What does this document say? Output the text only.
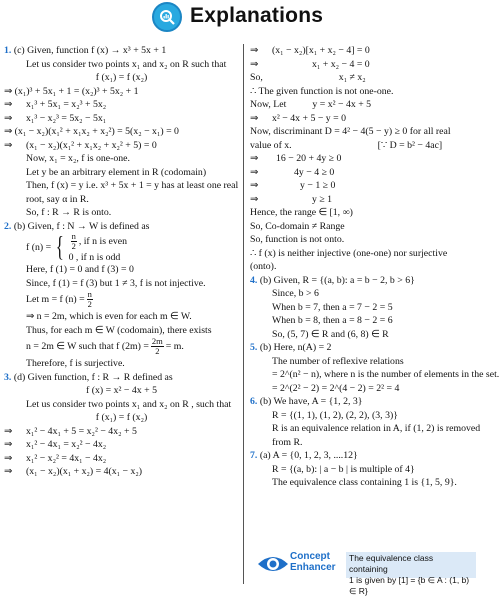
Explanations
1. (c) Given, function f (x) → x³ + 5x + 1
Let us consider two points x₁ and x₂ on R such that
f (x₁) = f (x₂)
⇒ (x₁)³ + 5x₁ + 1 = (x₂)³ + 5x₂ + 1
⇒ x₁³ + 5x₁ = x₂³ + 5x₂
⇒ x₁³ − x₂³ = 5x₂ − 5x₁
⇒ (x₁ − x₂)(x₁² + x₁x₂ + x₂²) = 5(x₂ − x₁) = 0
⇒ (x₁ − x₂)(x₁² + x₁x₂ + x₂² + 5) = 0
Now, x₁ = x₂, f is one-one.
Let y be an arbitrary element in R (codomain)
Then, f (x) = y i.e. x³ + 5x + 1 = y has at least one real
root, say α in R.
So, f : R → R is onto.
2. (b) Given, f : N → W is defined as
f (n) = { $\frac{n}{2}$ , if n is even
0 , if n is odd
Here, f (1) = 0 and f (3) = 0
Since, f (1) = f (3) but 1 ≠ 3, f is not injective.
Let m = f $(n) = \frac{n}{2}$
⇒ n = 2m, which is even for each m ∈ W.
Thus, for each m ∈ W (codomain), there exists
n = 2m ∈ W such that f $(2m) = \frac{2m}{2} = m$.
Therefore, f is surjective.
3. (d) Given function, f : R → R defined as
f (x) = x² − 4x + 5
Let us consider two points x₁ and x₂ on R , such that
f (x₁) = f (x₂)
⇒ x₁² − 4x₁ + 5 = x₂² − 4x₂ + 5
⇒ x₁² − 4x₁ = x₂² − 4x₂
⇒ x₁² − x₂² = 4x₁ − 4x₂
⇒ (x₁ − x₂)(x₁ + x₂) = 4(x₁ − x₂)
⇒ (x₁ − x₂)[x₁ + x₂ − 4] = 0
⇒	x₁ + x₂ − 4 = 0
So,	x₁ ≠ x₂
∴ The given function is not one-one.
Now, Let	y = x² − 4x + 5
⇒ x² − 4x + 5 − y = 0
Now, discriminant D = 4² − 4(5 − y) ≥ 0 for all real
value of x.	[∵ D = b² − 4ac]
⇒ 16 − 20 + 4y ≥ 0
⇒	4y − 4 ≥ 0
⇒	y − 1 ≥ 0
⇒	y ≥ 1
Hence, the range ∈ [1, ∞)
So, Co-domain ≠ Range
So, function is not onto.
∴ f (x) is neither injective (one-one) nor surjective
(onto).
4. (b) Given, R = {(a, b): a = b − 2, b > 6}
Since, b > 6
When b = 7, then a = 7 − 2 = 5
When b = 8, then a = 8 − 2 = 6
So, (5, 7) ∈ R and (6, 8) ∈ R
5. (b) Here, n(A) = 2
The number of reflexive relations
= 2^(n² − n), where n is the number of elements in the set.
= 2^(2² − 2) = 2^(4 − 2) = 2² = 4
6. (b) We have, A = {1, 2, 3}
R = {(1, 1), (1, 2), (2, 2), (3, 3)}
R is an equivalence relation in A, if (1, 2) is removed
from R.
7. (a) A = {0, 1, 2, 3, ....12}
R = {(a, b): | a − b | is multiple of 4}
The equivalence class containing 1 is {1, 5, 9}.
Concept
Enhancer
The equivalence class containing
1 is given by [1] = {b ∈ A : (1, b) ∈ R}
